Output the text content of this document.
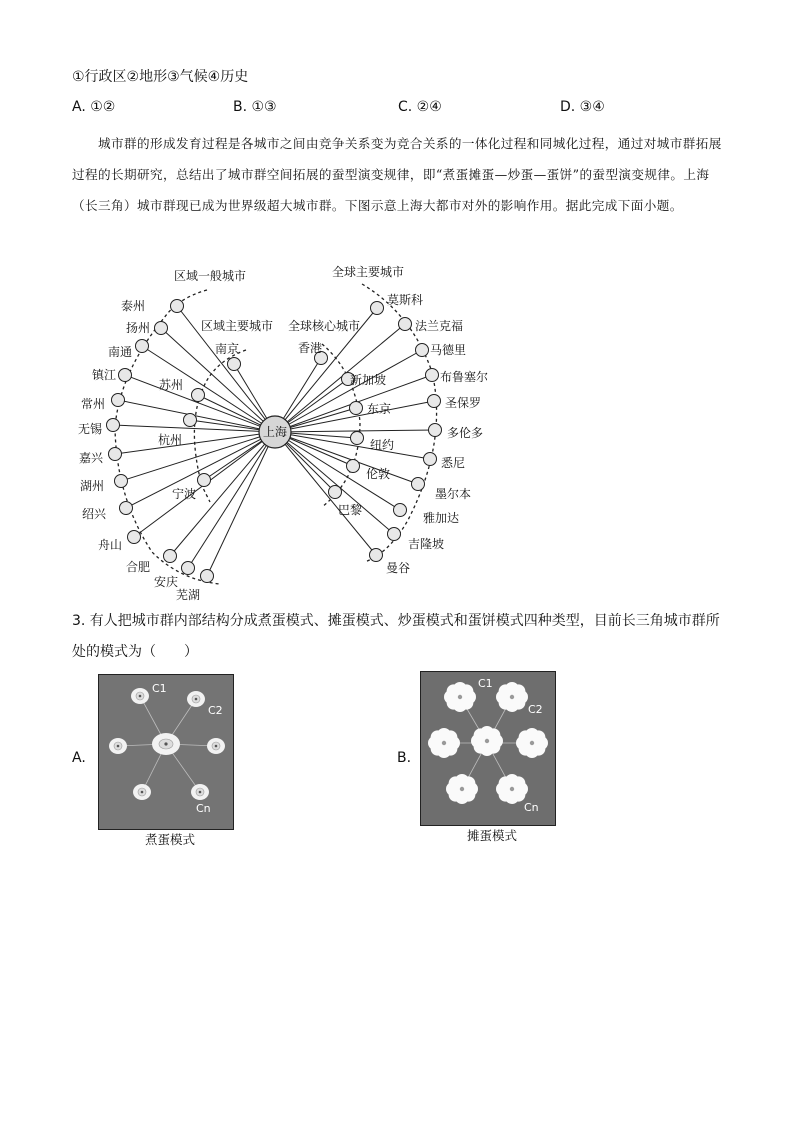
①行政区②地形③气候④历史
A. ①②	B. ①③	C. ②④	D. ③④
城市群的形成发育过程是各城市之间由竞争关系变为竞合关系的一体化过程和同城化过程，通过对城市群拓展过程的长期研究，总结出了城市群空间拓展的蚕型演变规律，即“煮蛋摊蛋—炒蛋—蛋饼”的蚕型演变规律。上海（长三角）城市群现已成为世界级超大城市群。下图示意上海大都市对外的影响作用。据此完成下面小题。
泰州
扬州
南通
镇江
常州
无锡
嘉兴
湖州
绍兴
舟山
合肥
安庆
芜湖
南京
苏州
杭州
宁波
香港
新加坡
东京
纽约
伦敦
巴黎
莫斯科
法兰克福
马德里
布鲁塞尔
圣保罗
多伦多
悉尼
墨尔本
雅加达
吉隆坡
曼谷
上海
区域一般城市
区域主要城市 全球核心城市
全球主要城市
3. 有人把城市群内部结构分成煮蛋模式、摊蛋模式、炒蛋模式和蛋饼模式四种类型，目前长三角城市群所处的模式为（　　）
A.
C1
C2
Cn
煮蛋模式
B.
C1
C2
Cn
摊蛋模式
